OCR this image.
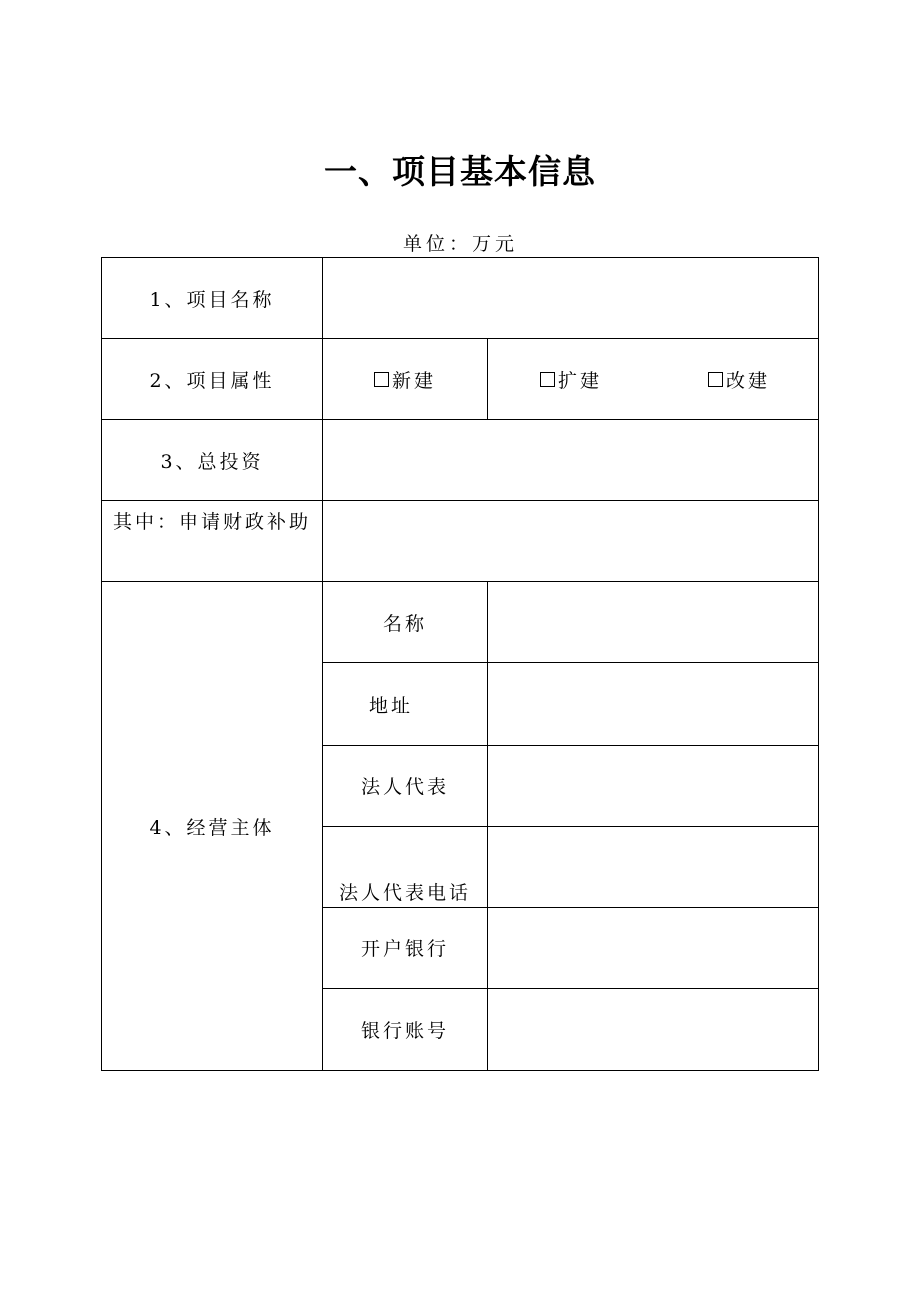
一、项目基本信息
单位：万元
1、项目名称		
2、项目属性	新建	扩建 改建

3、总投资		
其中：申请财政补助		
4、经营主体	名称	
	地址	
	法人代表	
	法人代表电话	
	开户银行	
	银行账号	
